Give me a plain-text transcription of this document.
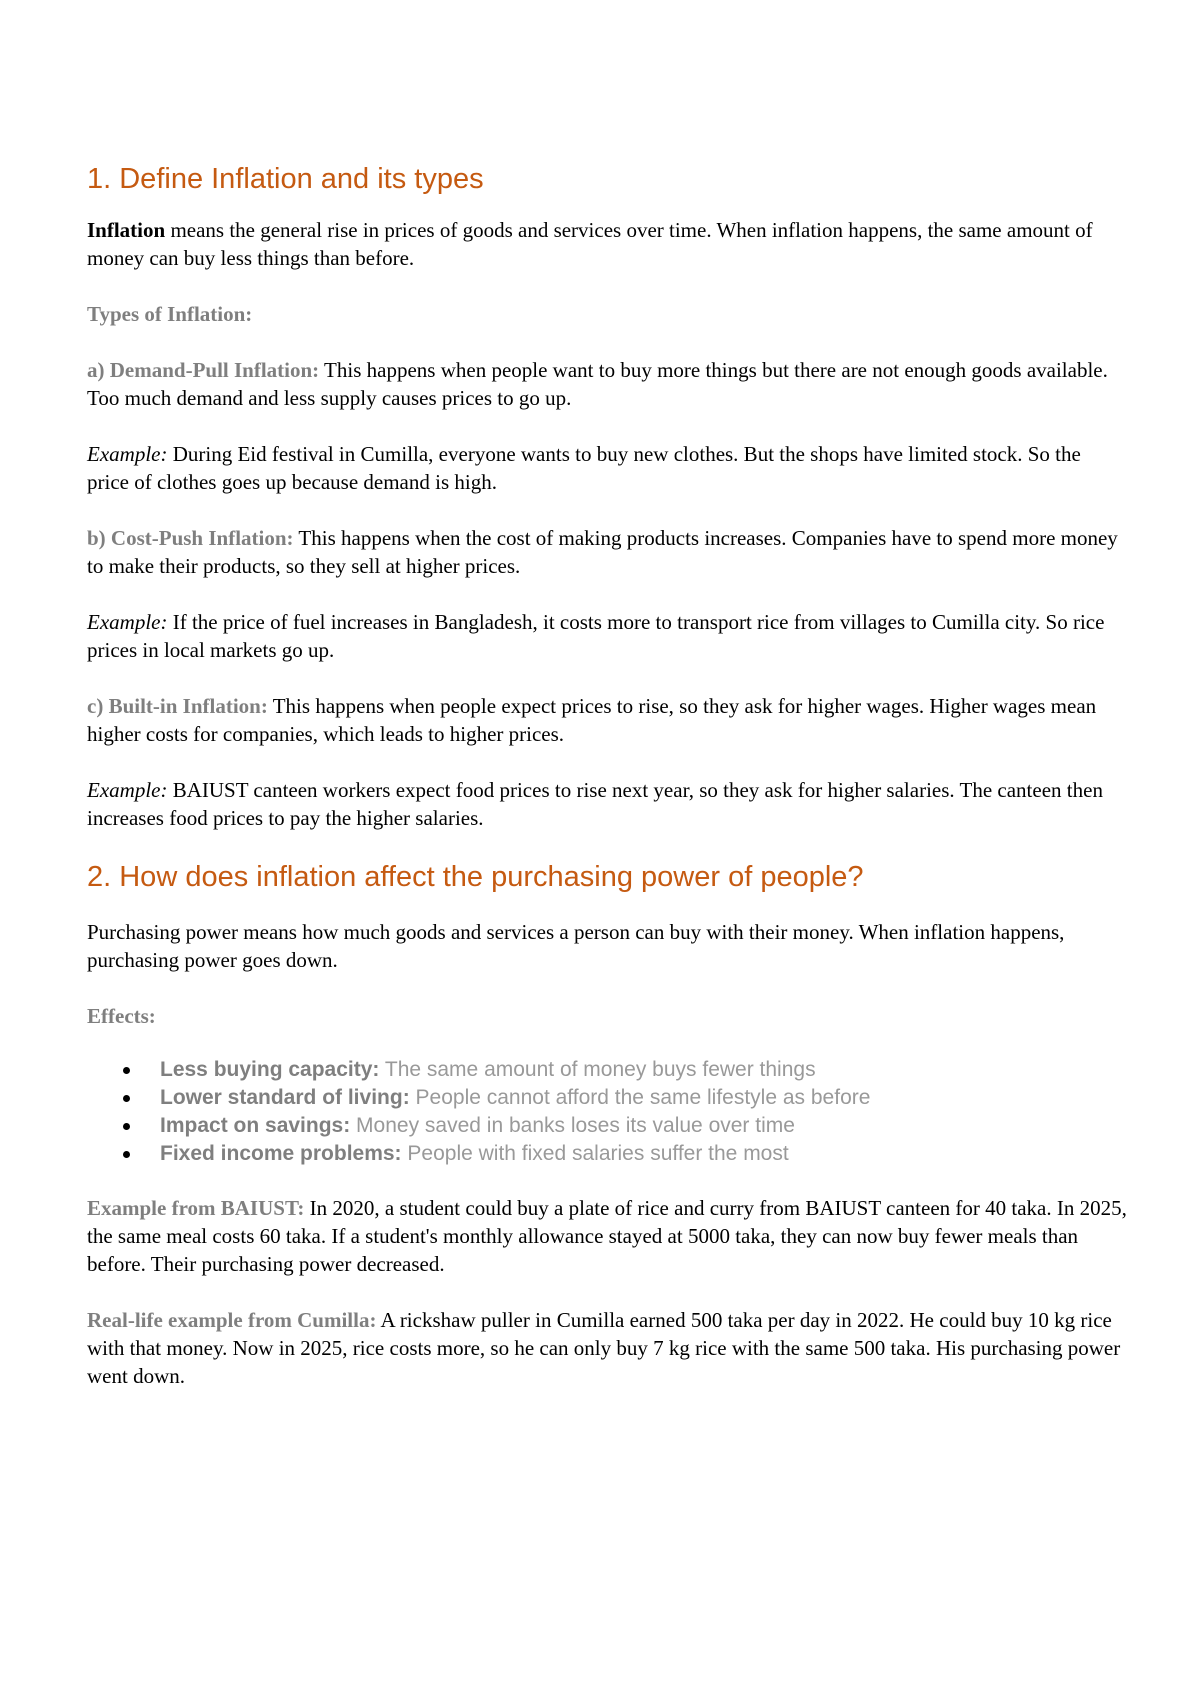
1. Define Inflation and its types

Inflation means the general rise in prices of goods and services over time. When inflation happens, the same amount of money can buy less things than before.

Types of Inflation:

a) Demand-Pull Inflation: This happens when people want to buy more things but there are not enough goods available. Too much demand and less supply causes prices to go up.

Example: During Eid festival in Cumilla, everyone wants to buy new clothes. But the shops have limited stock. So the price of clothes goes up because demand is high.

b) Cost-Push Inflation: This happens when the cost of making products increases. Companies have to spend more money to make their products, so they sell at higher prices.

Example: If the price of fuel increases in Bangladesh, it costs more to transport rice from villages to Cumilla city. So rice prices in local markets go up.

c) Built-in Inflation: This happens when people expect prices to rise, so they ask for higher wages. Higher wages mean higher costs for companies, which leads to higher prices.

Example: BAIUST canteen workers expect food prices to rise next year, so they ask for higher salaries. The canteen then increases food prices to pay the higher salaries.

2. How does inflation affect the purchasing power of people?

Purchasing power means how much goods and services a person can buy with their money. When inflation happens, purchasing power goes down.

Effects:

Less buying capacity: The same amount of money buys fewer things
Lower standard of living: People cannot afford the same lifestyle as before
Impact on savings: Money saved in banks loses its value over time
Fixed income problems: People with fixed salaries suffer the most

Example from BAIUST: In 2020, a student could buy a plate of rice and curry from BAIUST canteen for 40 taka. In 2025, the same meal costs 60 taka. If a student's monthly allowance stayed at 5000 taka, they can now buy fewer meals than before. Their purchasing power decreased.

Real-life example from Cumilla: A rickshaw puller in Cumilla earned 500 taka per day in 2022. He could buy 10 kg rice with that money. Now in 2025, rice costs more, so he can only buy 7 kg rice with the same 500 taka. His purchasing power went down.
